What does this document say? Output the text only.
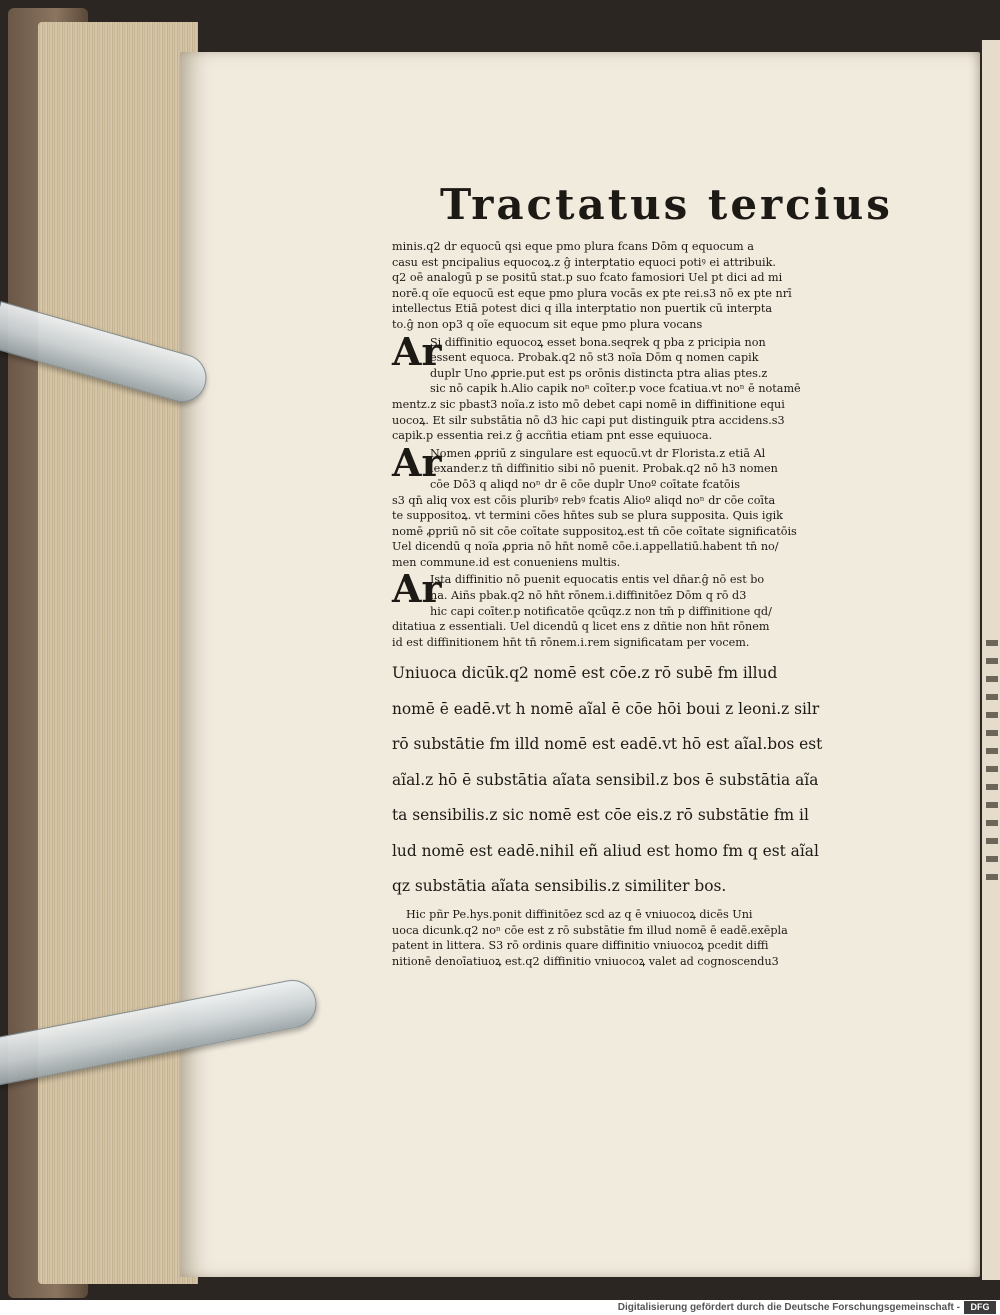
Tractatus tercius
minis.q2 dr equocū qsi eque pmo plura fcans Dōm q equocum a
casu est pncipalius equocoꝝ.z ĝ interptatio equoci potiꝰ ei attribuik.
q2 oē analogū p se positū stat.p suo fcato famosiori Uel pt dici ad mi
norē.q oĩe equocū est eque pmo plura vocās ex pte rei.s3 nō ex pte nrī
intellectus Etiā potest dici q illa interptatio non puertik cū interpta
to.ĝ non op3 q oĩe equocum sit eque pmo plura vocans
Ar
Si diffinitio equocoꝝ esset bona.seqrek q pba z pricipia non
essent equoca. Probak.q2 nō st3 noĩa Dōm q nomen capik
duplr Uno ꝓprie.put est ps orōnis distincta ptra alias ptes.z
sic nō capik h.Alio capik noⁿ coīter.p voce fcatiua.vt noⁿ ē notamē
mentz.z sic pbast3 noĩa.z isto mō debet capi nomē in diffinitione equi
uocoꝝ. Et silr substātia nō d3 hic capi put distinguik ptra accidens.s3
capik.p essentia rei.z ĝ accñtia etiam pnt esse equiuoca.
Ar
Nomen ꝓpriū z singulare est equocū.vt dr Florista.z etiā Al
lexander.z tn̄ diffinitio sibi nō puenit. Probak.q2 nō h3 nomen
cōe Dō3 q aliqd noⁿ dr ē cōe duplr Unoº coītate fcatōis
s3 qn̄ aliq vox est cōis pluribꝰ rebꝰ fcatis Alioº aliqd noⁿ dr cōe coīta
te suppositoꝝ. vt termini cōes hn̄tes sub se plura supposita. Quis igik
nomē ꝓpriū nō sit cōe coītate suppositoꝝ.est tn̄ cōe coītate significatōis
Uel dicendū q noĩa ꝓpria nō hn̄t nomē cōe.i.appellatiū.habent tn̄ no/
men commune.id est conueniens multis.
Ar
Ista diffinitio nō puenit equocatis entis vel dn̄ar.ĝ nō est bo
na. Aiñs pbak.q2 nō hn̄t rōnem.i.diffinitōez Dōm q rō d3
hic capi coīter.p notificatōe qcūqz.z non tm̄ p diffinitione qd/
ditatiua z essentiali. Uel dicendū q licet ens z dñtie non hn̄t rōnem
id est diffinitionem hn̄t tn̄ rōnem.i.rem significatam per vocem.
Uniuoca dicūk.q2 nomē est cōe.z rō subē fm illud
nomē ē eadē.vt h nomē aĩal ē cōe hōi boui z leoni.z silr
rō substātie fm illd nomē est eadē.vt hō est aĩal.bos est
aĩal.z hō ē substātia aĩata sensibil.z bos ē substātia aĩa
ta sensibilis.z sic nomē est cōe eis.z rō substātie fm il
lud nomē est eadē.nihil eñ aliud est homo fm q est aĩal
qz substātia aĩata sensibilis.z similiter bos.
Hic pñr Pe.hys.ponit diffinitōez scd az q ē vniuocoꝝ dicēs Uni
uoca dicunk.q2 noⁿ cōe est z rō substātie fm illud nomē ē eadē.exēpla
patent in littera. S3 rō ordinis quare diffinitio vniuocoꝝ pcedit diffi
nitionē denoīatiuoꝝ est.q2 diffinitio vniuocoꝝ valet ad cognoscendu3
Digitalisierung gefördert durch die Deutsche Forschungsgemeinschaft -	DFG
